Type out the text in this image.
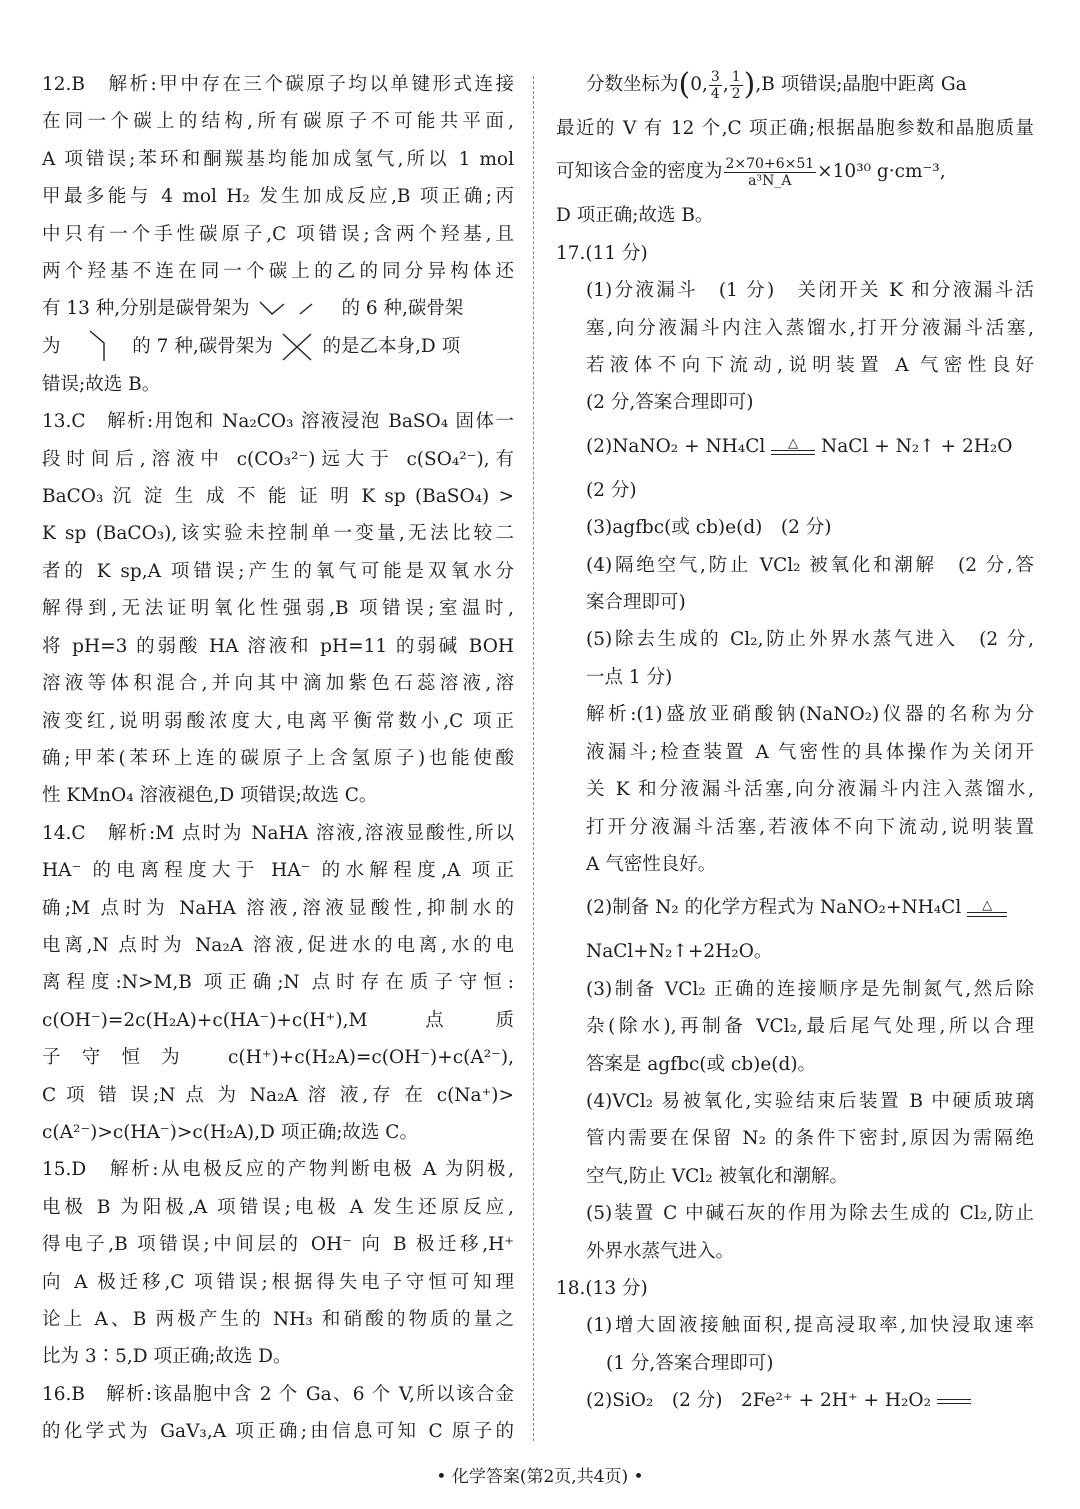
12.B　解析:甲中存在三个碳原子均以单键形式连接
在同一个碳上的结构,所有碳原子不可能共平面,
A 项错误;苯环和酮羰基均能加成氢气,所以 1 mol
甲最多能与 4 mol H₂ 发生加成反应,B 项正确;丙
中只有一个手性碳原子,C 项错误;含两个羟基,且
两个羟基不连在同一个碳上的乙的同分异构体还
有 13 种,分别是碳骨架为	的 6 种,碳骨架
为	的 7 种,碳骨架为	的是乙本身,D 项
错误;故选 B。
13.C　解析:用饱和 Na₂CO₃ 溶液浸泡 BaSO₄ 固体一
段时间后,溶液中 c(CO₃²⁻)远大于 c(SO₄²⁻),有
BaCO₃ 沉 淀 生 成 不 能 证 明 K sp (BaSO₄) >
K sp (BaCO₃),该实验未控制单一变量,无法比较二
者的 K sp,A 项错误;产生的氧气可能是双氧水分
解得到,无法证明氧化性强弱,B 项错误;室温时,
将 pH=3 的弱酸 HA 溶液和 pH=11 的弱碱 BOH
溶液等体积混合,并向其中滴加紫色石蕊溶液,溶
液变红,说明弱酸浓度大,电离平衡常数小,C 项正
确;甲苯(苯环上连的碳原子上含氢原子)也能使酸
性 KMnO₄ 溶液褪色,D 项错误;故选 C。
14.C　解析:M 点时为 NaHA 溶液,溶液显酸性,所以
HA⁻ 的电离程度大于 HA⁻ 的水解程度,A 项正
确;M 点时为 NaHA 溶液,溶液显酸性,抑制水的
电离,N 点时为 Na₂A 溶液,促进水的电离,水的电
离程度:N>M,B 项正确;N 点时存在质子守恒:
c(OH⁻)=2c(H₂A)+c(HA⁻)+c(H⁺),M 点质
子守恒为 c(H⁺)+c(H₂A)=c(OH⁻)+c(A²⁻),
C 项 错 误;N 点 为 Na₂A 溶 液,存 在 c(Na⁺)>
c(A²⁻)>c(HA⁻)>c(H₂A),D 项正确;故选 C。
15.D　解析:从电极反应的产物判断电极 A 为阴极,
电极 B 为阳极,A 项错误;电极 A 发生还原反应,
得电子,B 项错误;中间层的 OH⁻ 向 B 极迁移,H⁺
向 A 极迁移,C 项错误;根据得失电子守恒可知理
论上 A、B 两极产生的 NH₃ 和硝酸的物质的量之
比为 3∶5,D 项正确;故选 D。
16.B　解析:该晶胞中含 2 个 Ga、6 个 V,所以该合金
的化学式为 GaV₃,A 项正确;由信息可知 C 原子的
分数坐标为(0, $\frac{3}{4}$ , $\frac{1}{2} ),B$ 项错误;晶胞中距离 Ga
最近的 V 有 12 个,C 项正确;根据晶胞参数和晶胞质量
可知该合金的密度为 $\frac{2\times 70+6\times 51}{\text{a³N\_A}} \times 10^{30}$ g·cm⁻³,
D 项正确;故选 B。
17.(11 分)
(1)分液漏斗　(1 分)　关闭开关 K 和分液漏斗活
塞,向分液漏斗内注入蒸馏水,打开分液漏斗活塞,
若液体不向下流动,说明装置 A 气密性良好
(2 分,答案合理即可)
(2)NaNO₂ + NH₄Cl	△	NaCl + N₂↑ + 2H₂O
(2 分)
(3)agfbc(或 cb)e(d)　(2 分)
(4)隔绝空气,防止 VCl₂ 被氧化和潮解　(2 分,答
案合理即可)
(5)除去生成的 Cl₂,防止外界水蒸气进入　(2 分,
一点 1 分)
解析:(1)盛放亚硝酸钠(NaNO₂)仪器的名称为分
液漏斗;检查装置 A 气密性的具体操作为关闭开
关 K 和分液漏斗活塞,向分液漏斗内注入蒸馏水,
打开分液漏斗活塞,若液体不向下流动,说明装置
A 气密性良好。
(2)制备 N₂ 的化学方程式为 NaNO₂+NH₄Cl	△
NaCl+N₂↑+2H₂O。
(3)制备 VCl₂ 正确的连接顺序是先制氮气,然后除
杂(除水),再制备 VCl₂,最后尾气处理,所以合理
答案是 agfbc(或 cb)e(d)。
(4)VCl₂ 易被氧化,实验结束后装置 B 中硬质玻璃
管内需要在保留 N₂ 的条件下密封,原因为需隔绝
空气,防止 VCl₂ 被氧化和潮解。
(5)装置 C 中碱石灰的作用为除去生成的 Cl₂,防止
外界水蒸气进入。
18.(13 分)
(1)增大固液接触面积,提高浸取率,加快浸取速率
(1 分,答案合理即可)
(2)SiO₂　(2 分)　2Fe²⁺ + 2H⁺ + H₂O₂
• 化学答案(第2页,共4页) •
